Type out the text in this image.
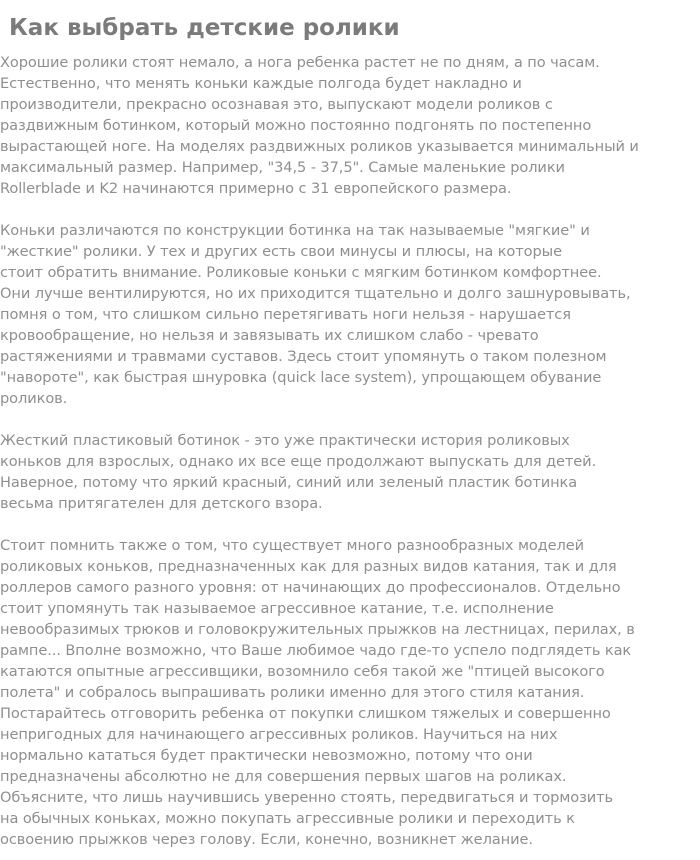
Как выбрать детские ролики

Хорошие ролики стоят немало, а нога ребенка растет не по дням, а по часам.

Естественно, что менять коньки каждые полгода будет накладно и

производители, прекрасно осознавая это, выпускают модели роликов с

раздвижным ботинком, который можно постоянно подгонять по постепенно

вырастающей ноге. На моделях раздвижных роликов указывается минимальный и

максимальный размер. Например, "34,5 - 37,5". Самые маленькие ролики

Rollerblade и K2 начинаются примерно с 31 европейского размера.

Коньки различаются по конструкции ботинка на так называемые "мягкие" и

"жесткие" ролики. У тех и других есть свои минусы и плюсы, на которые

стоит обратить внимание. Роликовые коньки с мягким ботинком комфортнее.

Они лучше вентилируются, но их приходится тщательно и долго зашнуровывать,

помня о том, что слишком сильно перетягивать ноги нельзя - нарушается

кровообращение, но нельзя и завязывать их слишком слабо - чревато

растяжениями и травмами суставов. Здесь стоит упомянуть о таком полезном

"навороте", как быстрая шнуровка (quick lace system), упрощающем обувание

роликов.

Жесткий пластиковый ботинок - это уже практически история роликовых

коньков для взрослых, однако их все еще продолжают выпускать для детей.

Наверное, потому что яркий красный, синий или зеленый пластик ботинка

весьма притягателен для детского взора.

Стоит помнить также о том, что существует много разнообразных моделей

роликовых коньков, предназначенных как для разных видов катания, так и для

роллеров самого разного уровня: от начинающих до профессионалов. Отдельно

стоит упомянуть так называемое агрессивное катание, т.е. исполнение

невообразимых трюков и головокружительных прыжков на лестницах, перилах, в

рампе... Вполне возможно, что Ваше любимое чадо где-то успело подглядеть как

катаются опытные агрессивщики, возомнило себя такой же "птицей высокого

полета" и собралось выпрашивать ролики именно для этого стиля катания.

Постарайтесь отговорить ребенка от покупки слишком тяжелых и совершенно

непригодных для начинающего агрессивных роликов. Научиться на них

нормально кататься будет практически невозможно, потому что они

предназначены абсолютно не для совершения первых шагов на роликах.

Объясните, что лишь научившись уверенно стоять, передвигаться и тормозить

на обычных коньках, можно покупать агрессивные ролики и переходить к

освоению прыжков через голову. Если, конечно, возникнет желание.
